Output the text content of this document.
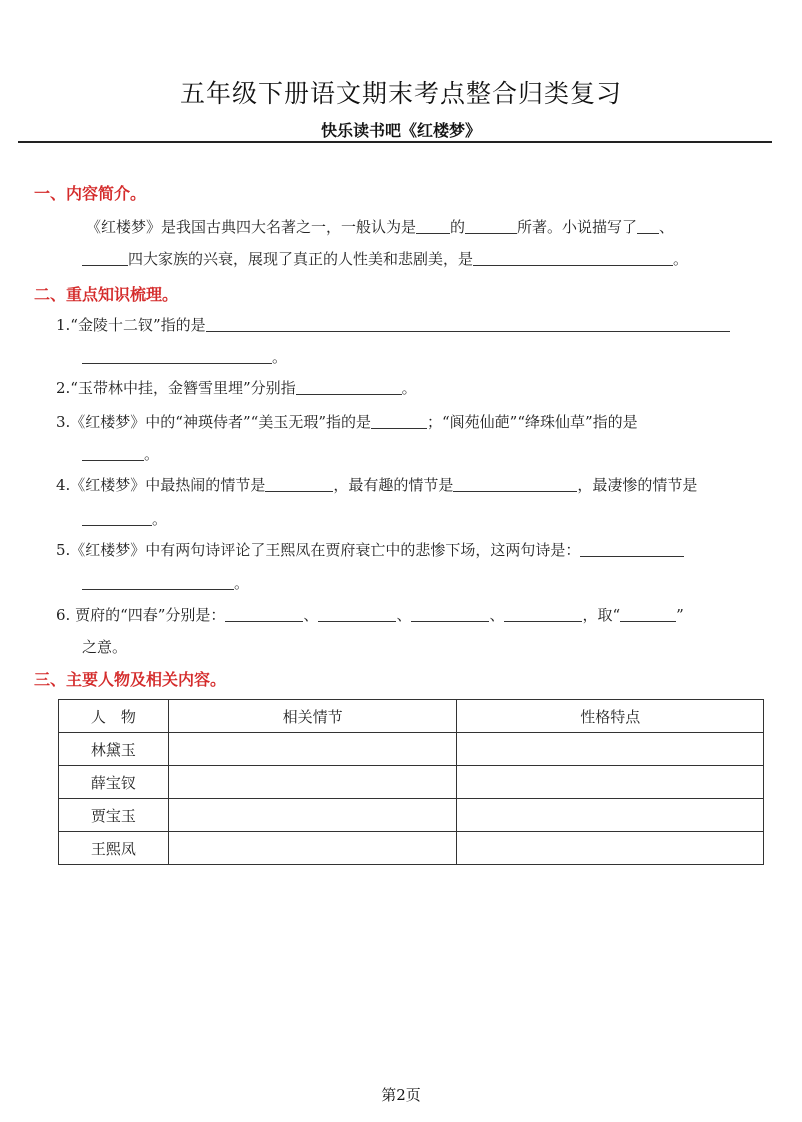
五年级下册语文期末考点整合归类复习
快乐读书吧《红楼梦》
一、内容简介。
《红楼梦》是我国古典四大名著之一，一般认为是 的	所著。小说描写了 、
四大家族的兴衰，展现了真正的人性美和悲剧美，是	。
二、重点知识梳理。
1.“金陵十二钗”指的是
。
2.“玉带林中挂，金簪雪里埋”分别指	。
3.《红楼梦》中的“神瑛侍者”“美玉无瑕”指的是	；“阆苑仙葩”“绛珠仙草”指的是
。
4.《红楼梦》中最热闹的情节是	，最有趣的情节是	，最凄惨的情节是
。
5.《红楼梦》中有两句诗评论了王熙凤在贾府衰亡中的悲惨下场，这两句诗是：
。
6. 贾府的“四春”分别是：	、	、	、	，取“	”
之意。
三、主要人物及相关内容。
人　物	相关情节	性格特点
林黛玉		
薛宝钗		
贾宝玉		
王熙凤		
第2页
